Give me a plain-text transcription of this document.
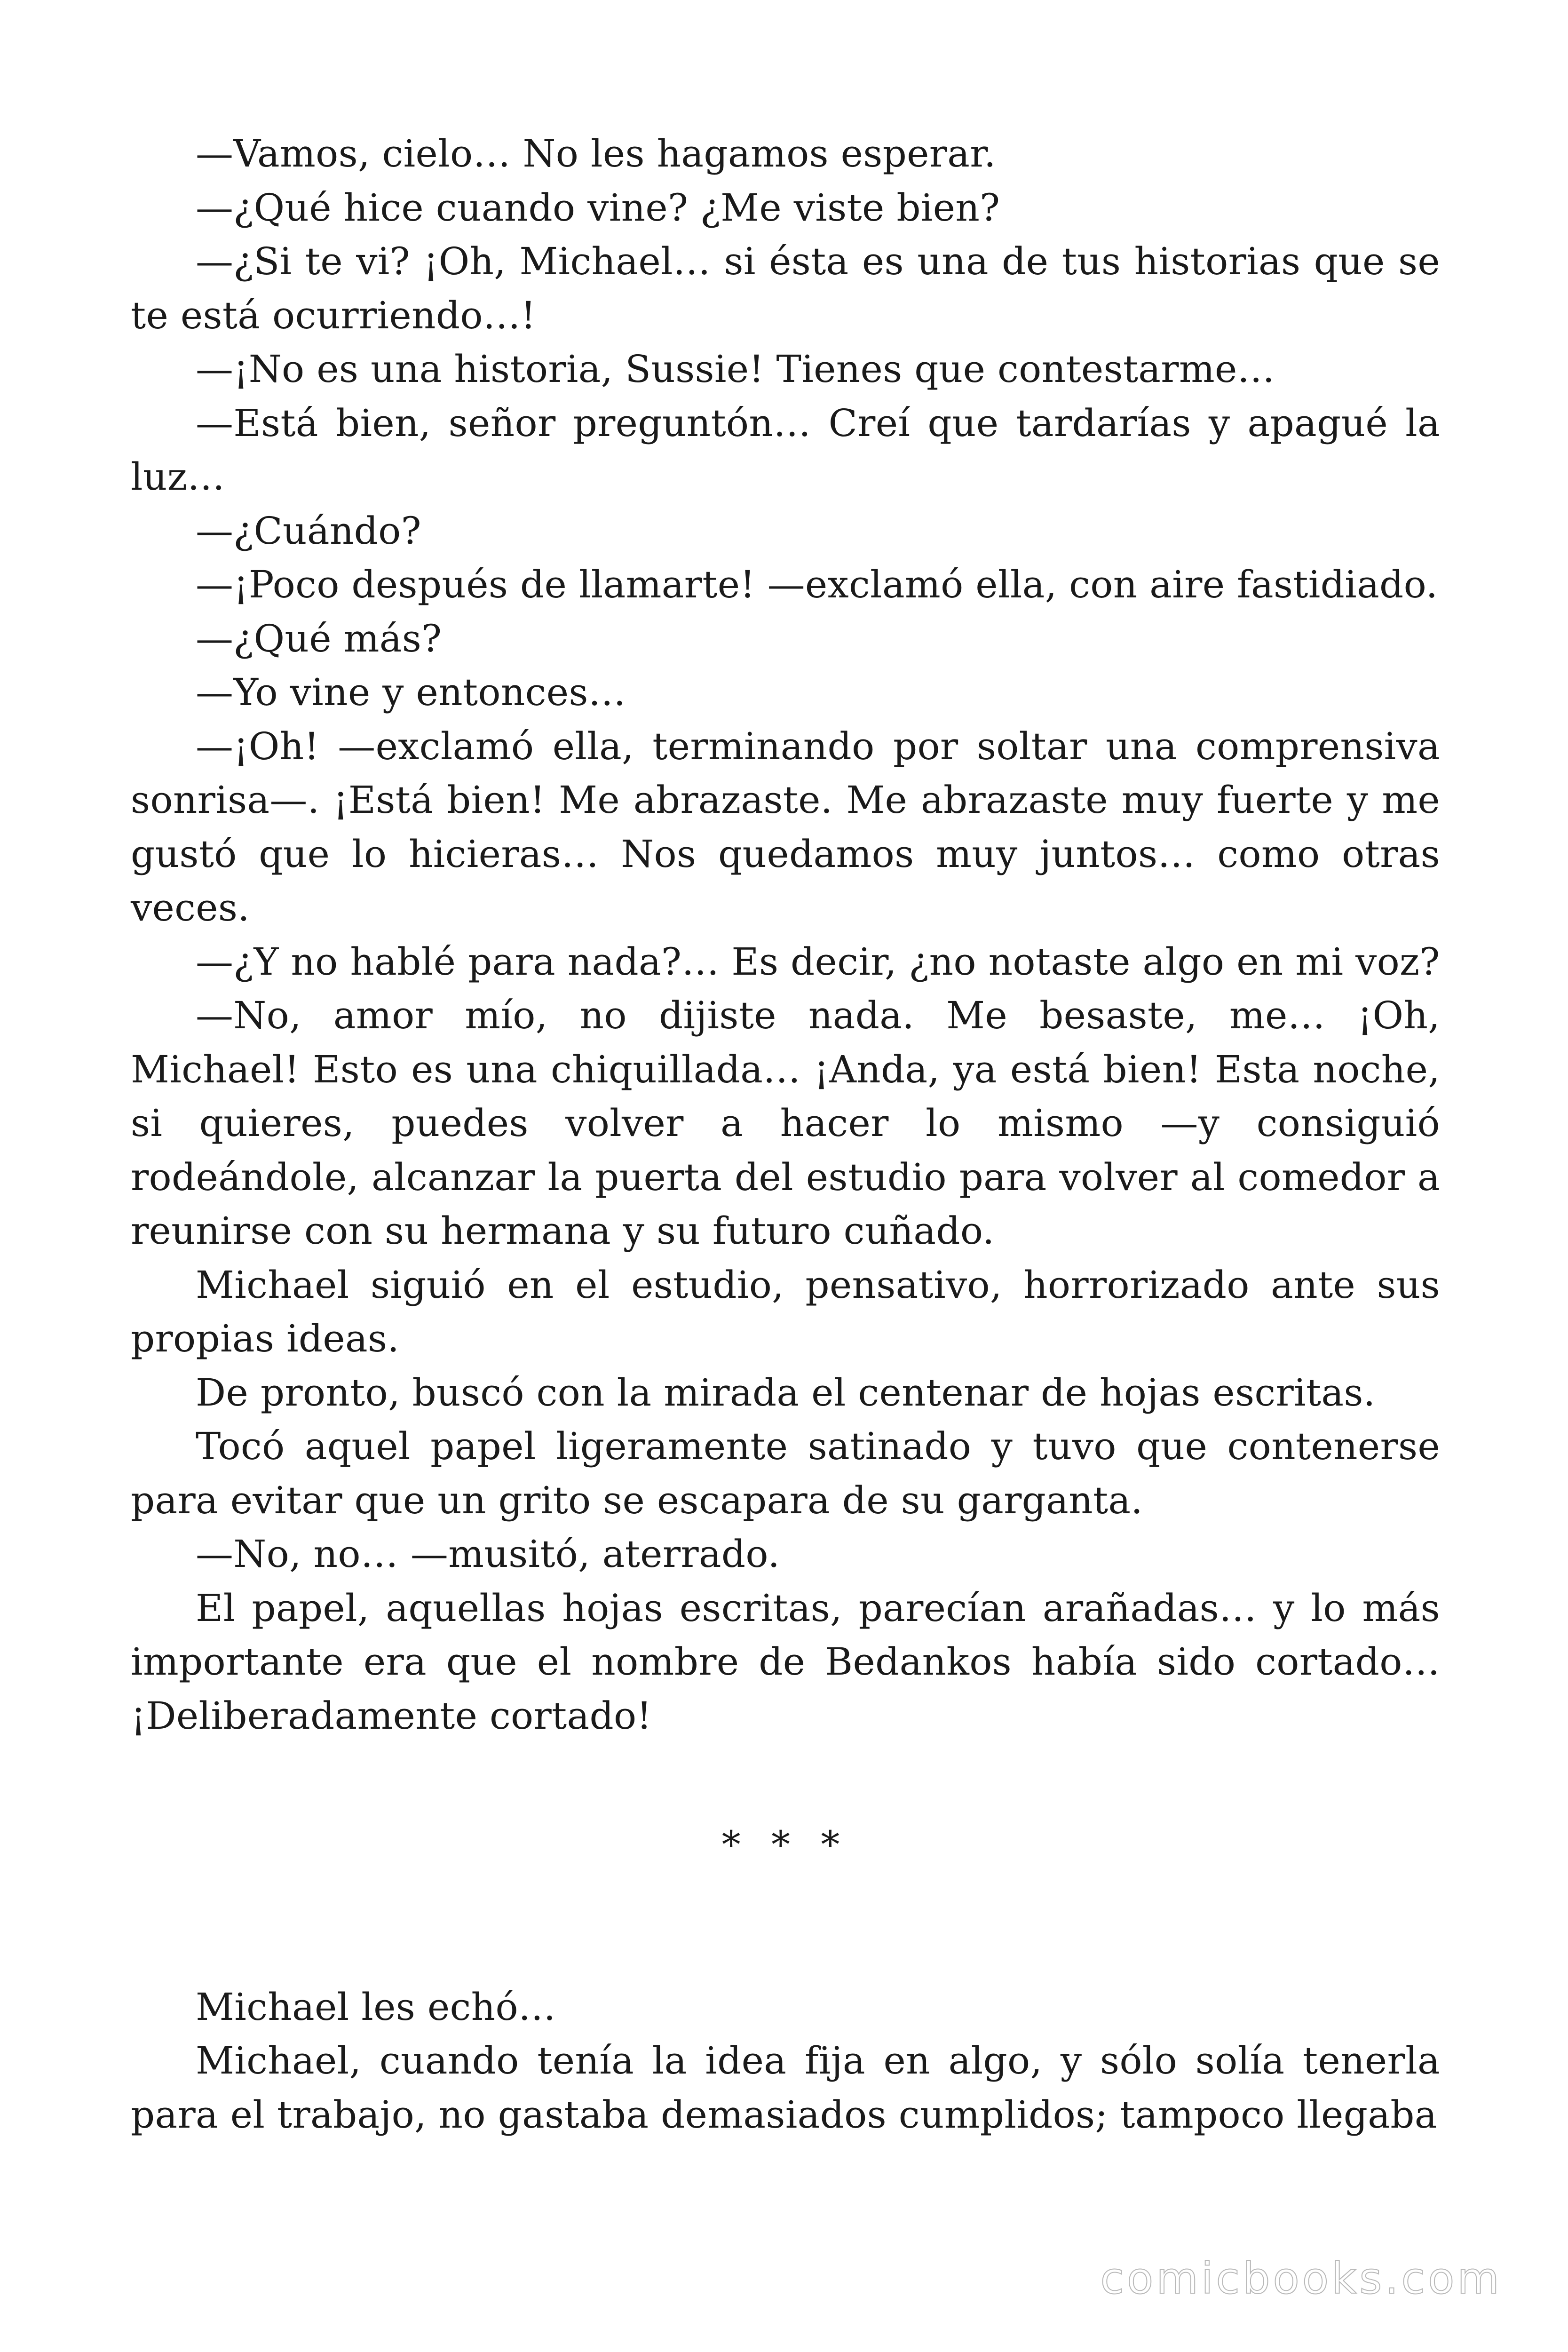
—Vamos, cielo… No les hagamos esperar.

—¿Qué hice cuando vine? ¿Me viste bien?

—¿Si te vi? ¡Oh, Michael… si ésta es una de tus historias que se te está ocurriendo…!

—¡No es una historia, Sussie! Tienes que contestarme…

—Está bien, señor preguntón… Creí que tardarías y apagué la luz…

—¿Cuándo?

—¡Poco después de llamarte! —exclamó ella, con aire fastidiado.

—¿Qué más?

—Yo vine y entonces…

—¡Oh! —exclamó ella, terminando por soltar una comprensiva sonrisa—. ¡Está bien! Me abrazaste. Me abrazaste muy fuerte y me gustó que lo hicieras… Nos quedamos muy juntos… como otras veces.

—¿Y no hablé para nada?… Es decir, ¿no notaste algo en mi voz?

—No, amor mío, no dijiste nada. Me besaste, me… ¡Oh, Michael! Esto es una chiquillada… ¡Anda, ya está bien! Esta noche, si quieres, puedes volver a hacer lo mismo —y consiguió rodeándole, alcanzar la puerta del estudio para volver al comedor a reunirse con su hermana y su futuro cuñado.

Michael siguió en el estudio, pensativo, horrorizado ante sus propias ideas.

De pronto, buscó con la mirada el centenar de hojas escritas.

Tocó aquel papel ligeramente satinado y tuvo que contenerse para evitar que un grito se escapara de su garganta.

—No, no… —musitó, aterrado.

El papel, aquellas hojas escritas, parecían arañadas… y lo más importante era que el nombre de Bedankos había sido cortado… ¡Deliberadamente cortado!

* * *

Michael les echó…

Michael, cuando tenía la idea fija en algo, y sólo solía tenerla para el trabajo, no gastaba demasiados cumplidos; tampoco llegaba

comicbooks.com
